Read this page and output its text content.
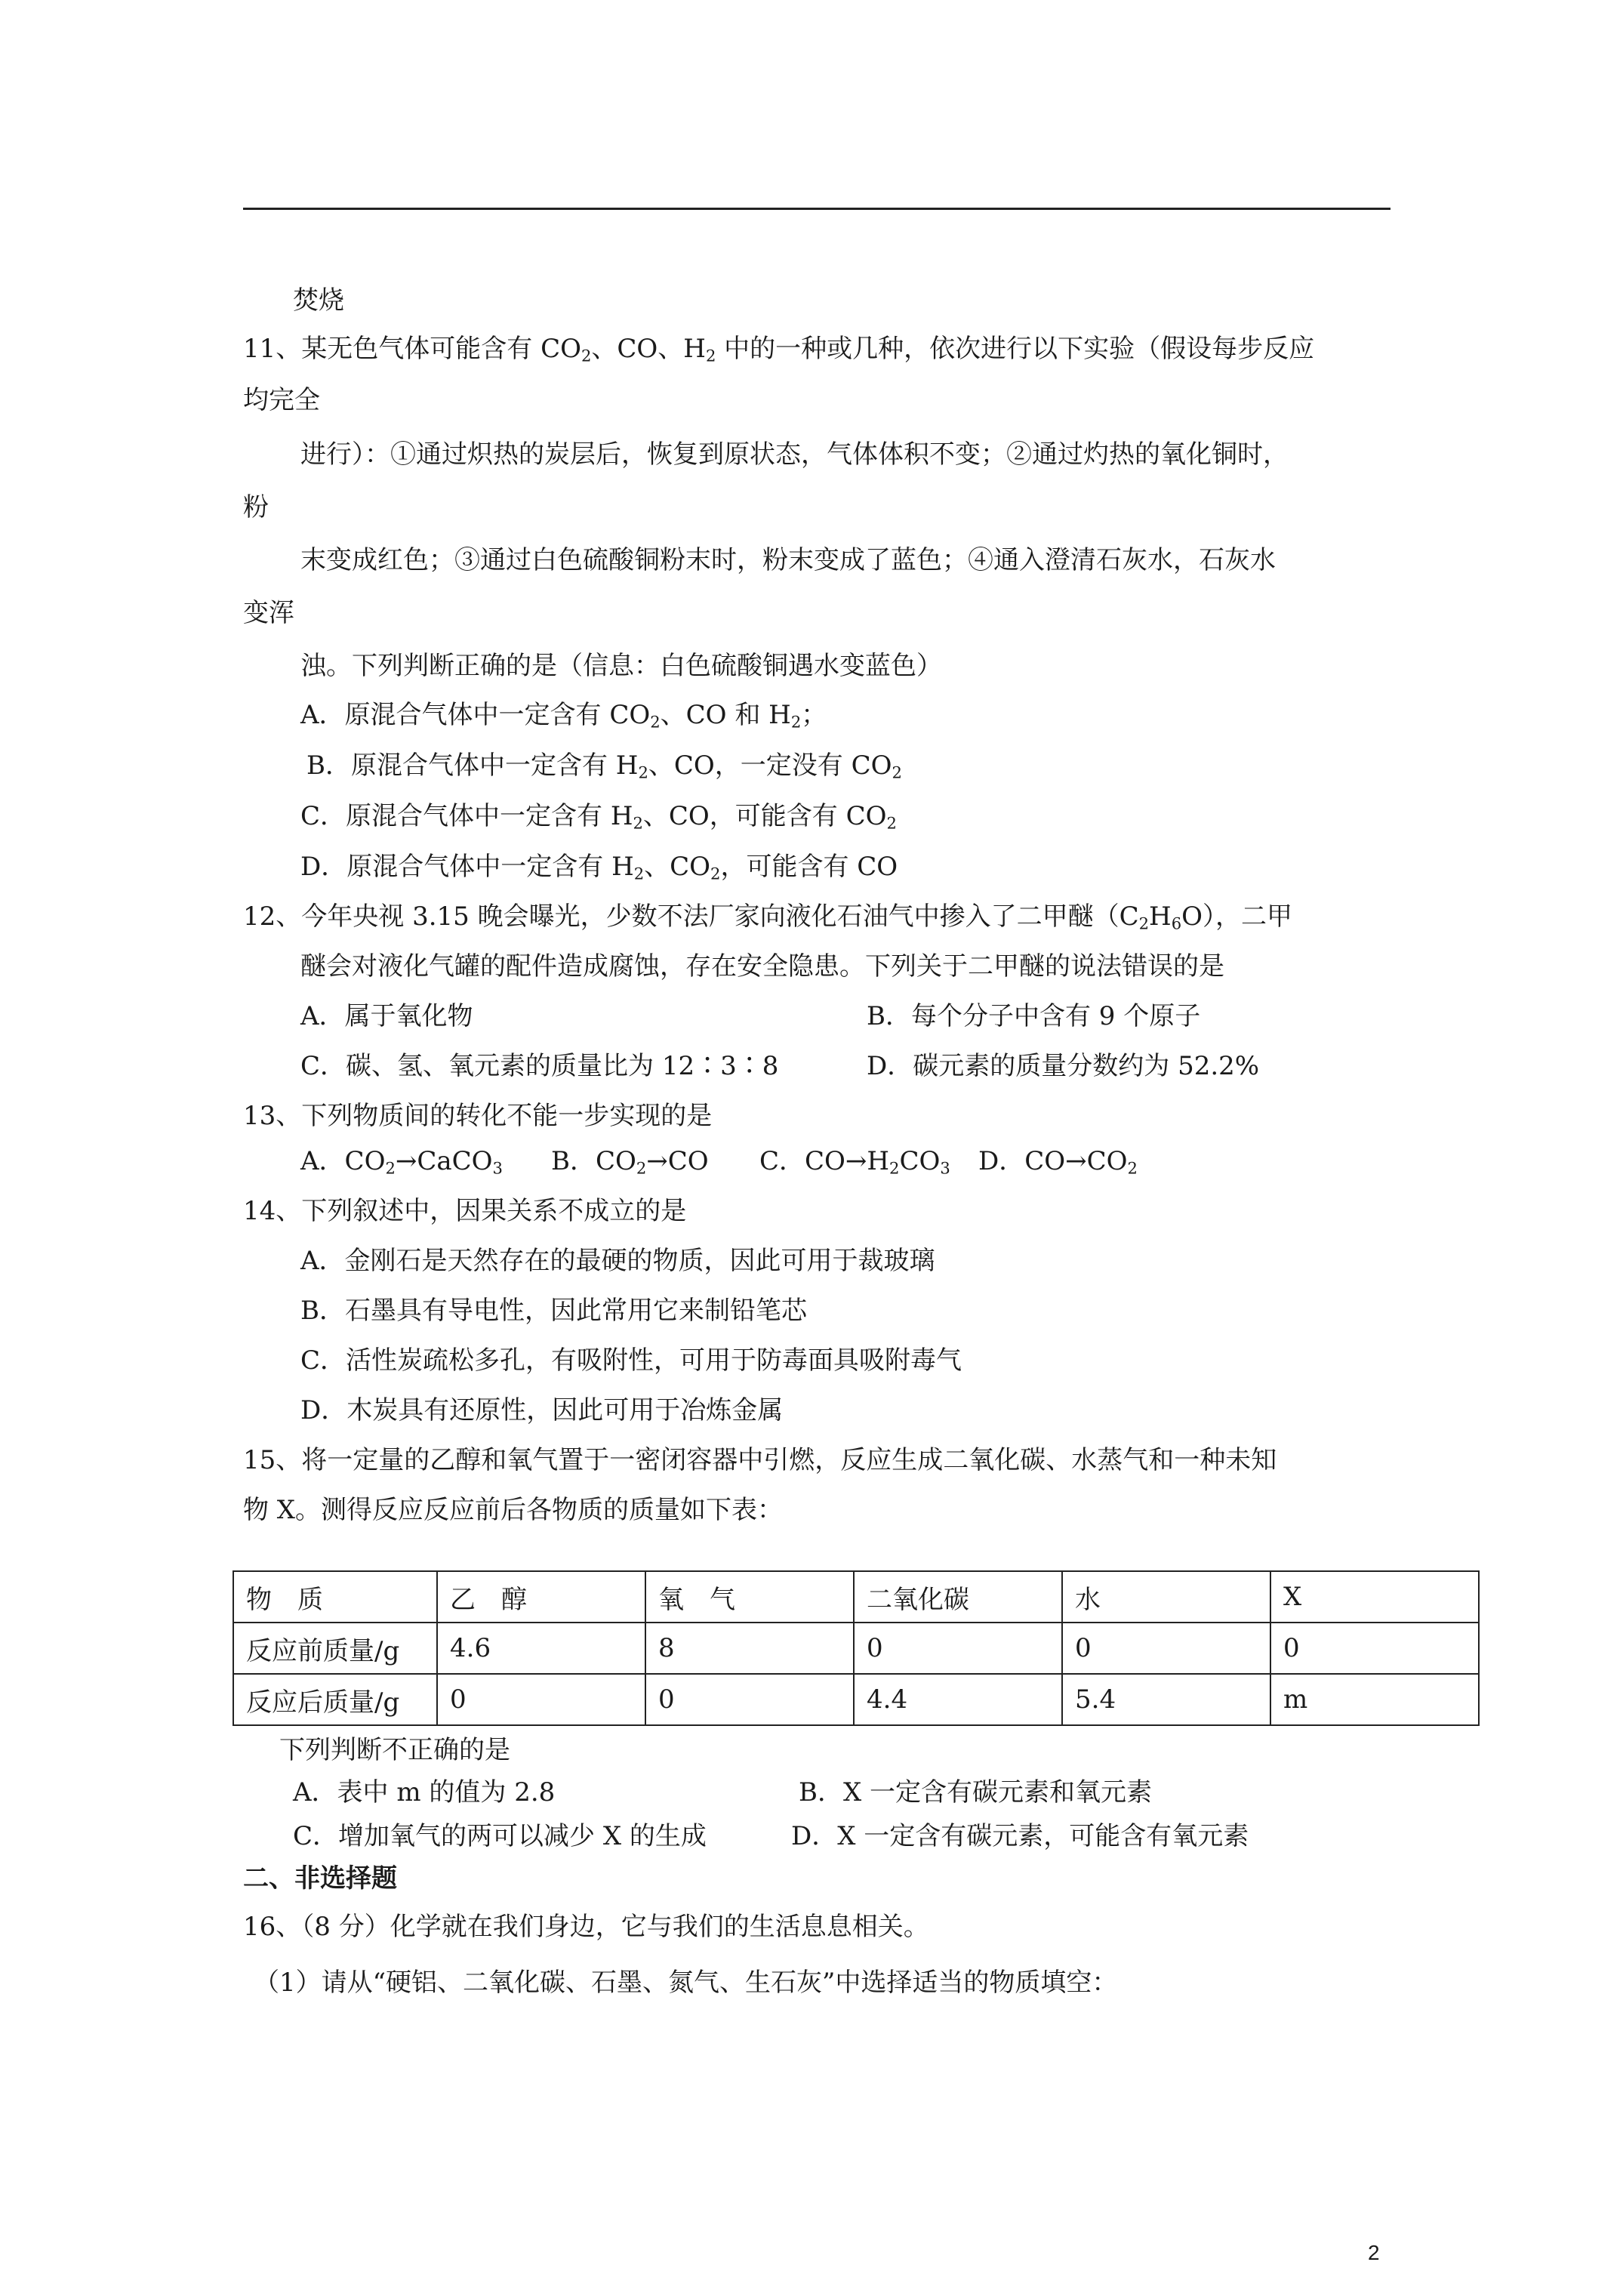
焚烧
11、某无色气体可能含有 $CO_2$、CO、$H_2$ 中的一种或几种，依次进行以下实验（假设每步反应
均完全
进行）：①通过炽热的炭层后，恢复到原状态，气体体积不变；②通过灼热的氧化铜时，
粉
末变成红色；③通过白色硫酸铜粉末时，粉末变成了蓝色；④通入澄清石灰水，石灰水
变浑
浊。下列判断正确的是（信息：白色硫酸铜遇水变蓝色）
A．原混合气体中一定含有 $CO_2$、CO 和 $H_2$；
B．原混合气体中一定含有 $H_2$、CO，一定没有 $CO_2$
C．原混合气体中一定含有 $H_2$、CO，可能含有 $CO_2$
D．原混合气体中一定含有 $H_2$、$CO_2$，可能含有 CO
12、今年央视 3.15 晚会曝光，少数不法厂家向液化石油气中掺入了二甲醚$(C_2H_6O)$，二甲
醚会对液化气罐的配件造成腐蚀，存在安全隐患。下列关于二甲醚的说法错误的是
A．属于氧化物	B．每个分子中含有 9 个原子
C．碳、氢、氧元素的质量比为 12∶3∶8	D．碳元素的质量分数约为 52.2%
13、下列物质间的转化不能一步实现的是
A．$CO_2\to CaCO_3$ B．$CO_2\to CO$ C．$CO\to H_2CO_3$ D．$CO\to CO_2$
14、下列叙述中，因果关系不成立的是
A．金刚石是天然存在的最硬的物质，因此可用于裁玻璃
B．石墨具有导电性，因此常用它来制铅笔芯
C．活性炭疏松多孔，有吸附性，可用于防毒面具吸附毒气
D．木炭具有还原性，因此可用于冶炼金属
15、将一定量的乙醇和氧气置于一密闭容器中引燃，反应生成二氧化碳、水蒸气和一种未知
物 X。测得反应反应前后各物质的质量如下表：
物　质	乙　醇	氧　气	二氧化碳	水	X
反应前质量/g	4.6	8	0	0	0
反应后质量/g	0	0	4.4	5.4	m
下列判断不正确的是
A．表中 m 的值为 2.8	B．X 一定含有碳元素和氧元素
C．增加氧气的两可以减少 X 的生成	D．X 一定含有碳元素，可能含有氧元素
二、非选择题
16、（8 分）化学就在我们身边，它与我们的生活息息相关。
（1）请从“硬铝、二氧化碳、石墨、氮气、生石灰”中选择适当的物质填空：
2
